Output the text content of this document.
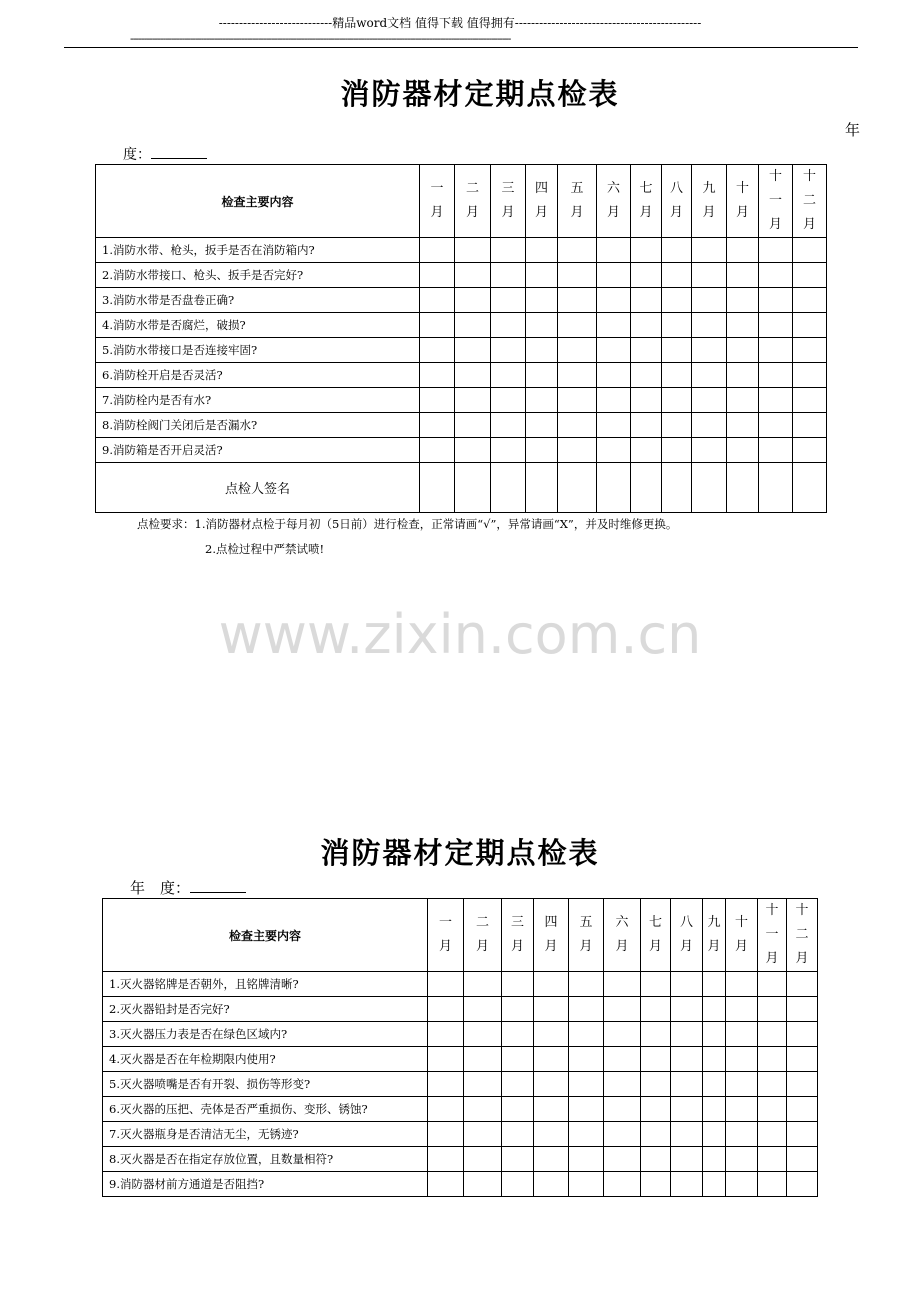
----------------------------精品word文档 值得下载 值得拥有----------------------------------------------
--------------------------------------------------------------------------------------------------------------------------------------------
消防器材定期点检表
年
度：
检查主要内容	一月	二月	三月	四月	五月	六月	七月	八月	九月	十月	十一月	十二月
1.消防水带、枪头，扳手是否在消防箱内?												
2.消防水带接口、枪头、扳手是否完好?												
3.消防水带是否盘卷正确?												
4.消防水带是否腐烂，破损?												
5.消防水带接口是否连接牢固?												
6.消防栓开启是否灵活?												
7.消防栓内是否有水?												
8.消防栓阀门关闭后是否漏水?												
9.消防箱是否开启灵活?												
点检人签名												
点检要求：1.消防器材点检于每月初（5日前）进行检查，正常请画“√”，异常请画“X”，并及时维修更换。
2.点检过程中严禁试喷!
www.zixin.com.cn
消防器材定期点检表
年　度：
检查主要内容	一月	二月	三月	四月	五月	六月	七月	八月	九月	十月	十一月	十二月
1.灭火器铭牌是否朝外，且铭牌清晰?												
2.灭火器铅封是否完好?												
3.灭火器压力表是否在绿色区域内?												
4.灭火器是否在年检期限内使用?												
5.灭火器喷嘴是否有开裂、损伤等形变?												
6.灭火器的压把、壳体是否严重损伤、变形、锈蚀?												
7.灭火器瓶身是否清洁无尘，无锈迹?												
8.灭火器是否在指定存放位置，且数量相符?												
9.消防器材前方通道是否阻挡?												
